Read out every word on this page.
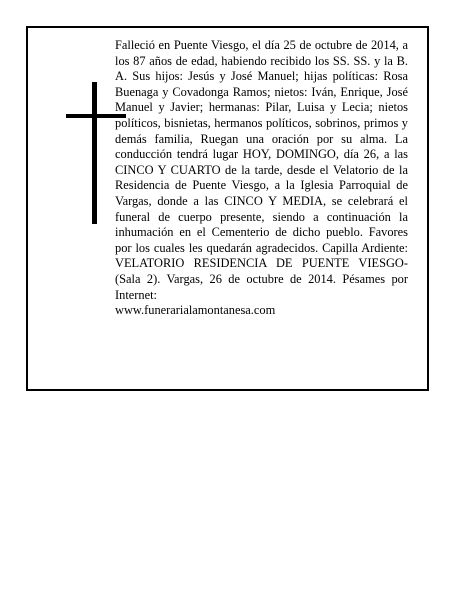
Falleció en Puente Viesgo, el día 25 de octubre de 2014, a los 87 años de edad, habiendo recibido los SS. SS. y la B. A. Sus hijos: Jesús y José Manuel; hijas políticas: Rosa Buenaga y Covadonga Ramos; nietos: Iván, Enrique, José Manuel y Javier; hermanas: Pilar, Luisa y Lecia; nietos políticos, bisnietas, hermanos políticos, sobrinos, primos y demás familia, Ruegan una oración por su alma. La conducción tendrá lugar HOY, DOMINGO, día 26, a las CINCO Y CUARTO de la tarde, desde el Velatorio de la Residencia de Puente Viesgo, a la Iglesia Parroquial de Vargas, donde a las CINCO Y MEDIA, se celebrará el funeral de cuerpo presente, siendo a continuación la inhumación en el Cementerio de dicho pueblo. Favores por los cuales les quedarán agradecidos. Capilla Ardiente: VELATORIO RESIDENCIA DE PUENTE VIESGO-(Sala 2). Vargas, 26 de octubre de 2014. Pésames por Internet:
www.funerarialamontanesa.com
